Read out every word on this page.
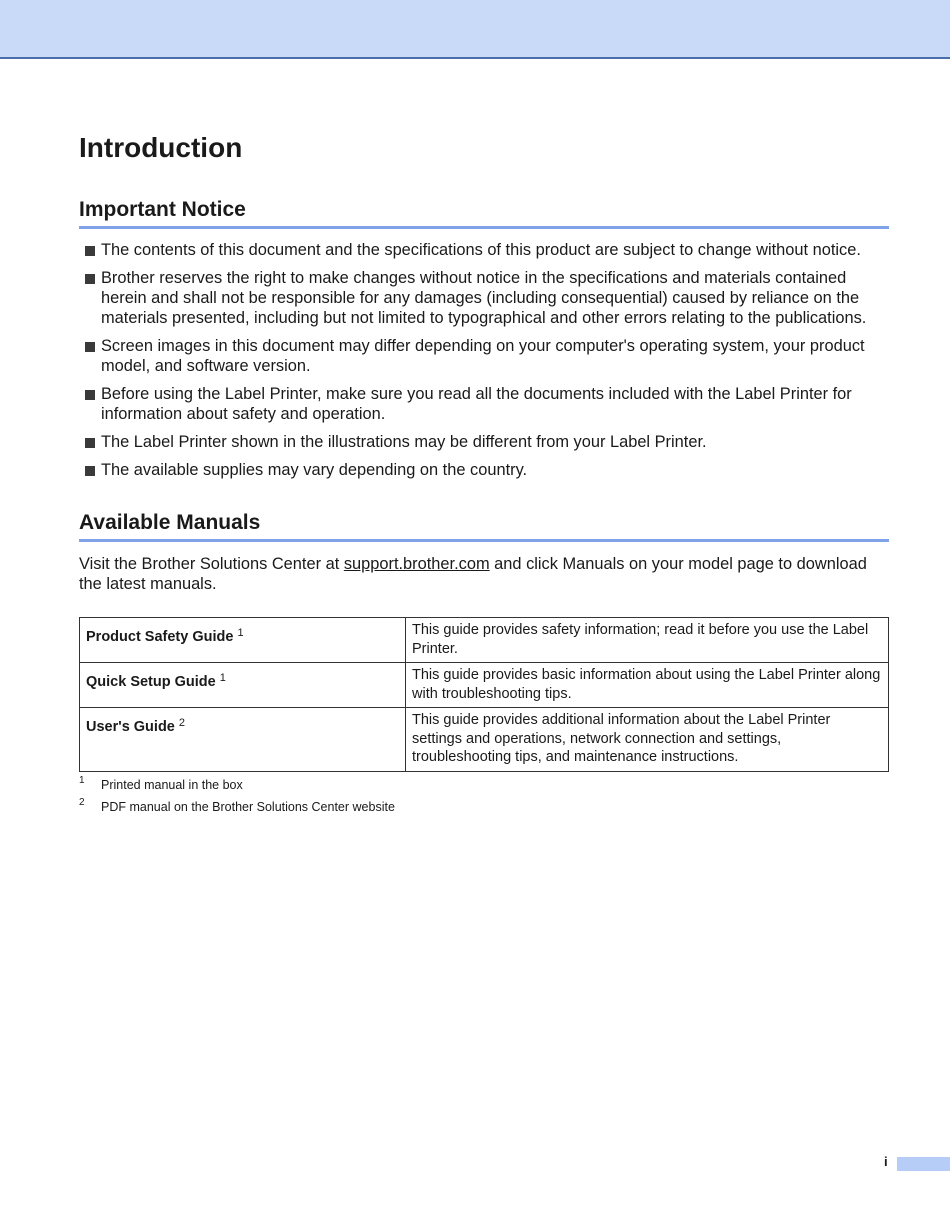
Introduction
Important Notice
The contents of this document and the specifications of this product are subject to change without notice.
Brother reserves the right to make changes without notice in the specifications and materials contained herein and shall not be responsible for any damages (including consequential) caused by reliance on the materials presented, including but not limited to typographical and other errors relating to the publications.
Screen images in this document may differ depending on your computer's operating system, your product model, and software version.
Before using the Label Printer, make sure you read all the documents included with the Label Printer for information about safety and operation.
The Label Printer shown in the illustrations may be different from your Label Printer.
The available supplies may vary depending on the country.
Available Manuals

Visit the Brother Solutions Center at support.brother.com and click Manuals on your model page to download the latest manuals.

Product Safety Guide $^1$	This guide provides safety information; read it before you use the Label Printer.
Quick Setup Guide $^1$	This guide provides basic information about using the Label Printer along with troubleshooting tips.
User's Guide $^2$	This guide provides additional information about the Label Printer settings and operations, network connection and settings, troubleshooting tips, and maintenance instructions.
1 Printed manual in the box
2 PDF manual on the Brother Solutions Center website
i
